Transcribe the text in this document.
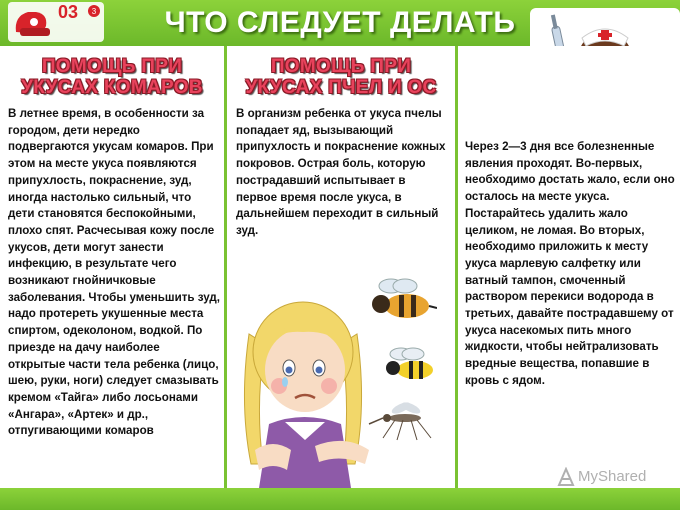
3
03	ЧТО СЛЕДУЕТ ДЕЛАТЬ
ПОМОЩЬ ПРИ
УКУСАХ КОМАРОВ
В летнее время, в особенности за городом, дети нередко подвергаются укусам комаров. При этом на месте укуса появляются припухлость, покраснение, зуд, иногда настолько сильный, что дети становятся беспокойными, плохо спят. Расчесывая кожу после укусов, дети могут занести инфекцию, в результате чего возникают гнойничковые заболевания. Чтобы уменьшить зуд, надо протереть укушенные места спиртом, одеколоном, водкой. По приезде на дачу наиболее открытые части тела ребенка (лицо, шею, руки, ноги) следует смазывать кремом «Тайга» либо лосьонами «Ангара», «Артек» и др., отпугивающими комаров
ПОМОЩЬ ПРИ
УКУСАХ ПЧЕЛ И ОС
В организм ребенка от укуса пчелы попадает яд, вызывающий припухлость и покраснение кожных покровов. Острая боль, которую пострадавший испытывает в первое время после укуса, в дальнейшем переходит в сильный зуд.
Через 2—3 дня все болезненные явления проходят. Во-первых, необходимо достать жало, если оно осталось на месте укуса. Постарайтесь удалить жало целиком, не ломая. Во вторых, необходимо приложить к месту укуса марлевую салфетку или ватный тампон, смоченный раствором перекиси водорода в третьих, давайте пострадавшему от укуса насекомых пить много жидкости, чтобы нейтрализовать вредные вещества, попавшие в кровь с ядом.
MyShared
